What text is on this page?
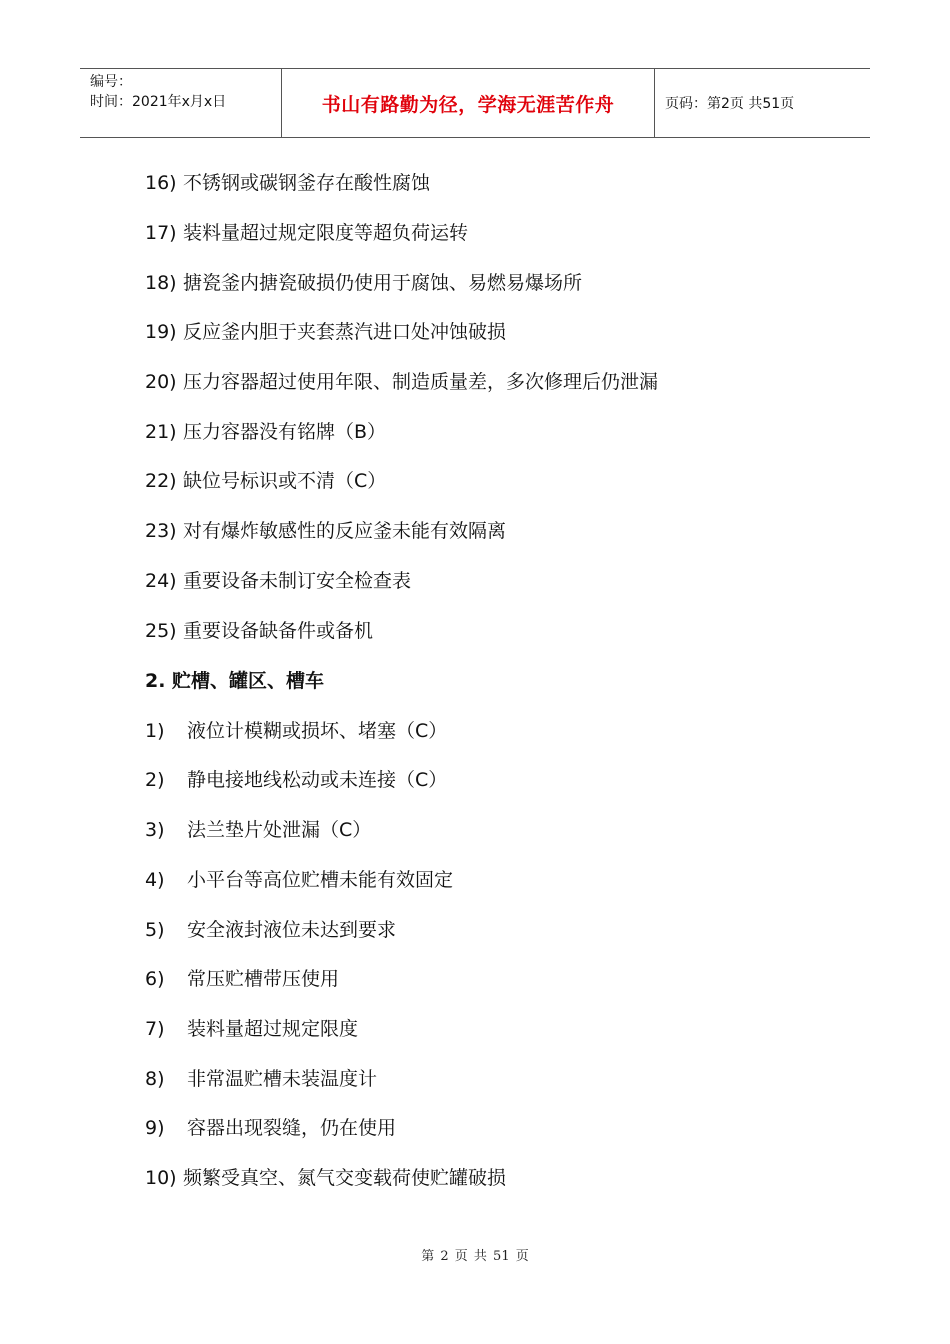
编号：
时间：2021年x月x日	书山有路勤为径，学海无涯苦作舟	页码：第2页 共51页
16) 不锈钢或碳钢釜存在酸性腐蚀
17) 装料量超过规定限度等超负荷运转
18) 搪瓷釜内搪瓷破损仍使用于腐蚀、易燃易爆场所
19) 反应釜内胆于夹套蒸汽进口处冲蚀破损
20) 压力容器超过使用年限、制造质量差，多次修理后仍泄漏
21) 压力容器没有铭牌（B）
22) 缺位号标识或不清（C）
23) 对有爆炸敏感性的反应釜未能有效隔离
24) 重要设备未制订安全检查表
25) 重要设备缺备件或备机
2. 贮槽、罐区、槽车
1) 液位计模糊或损坏、堵塞（C）
2) 静电接地线松动或未连接（C）
3) 法兰垫片处泄漏（C）
4) 小平台等高位贮槽未能有效固定
5) 安全液封液位未达到要求
6) 常压贮槽带压使用
7) 装料量超过规定限度
8) 非常温贮槽未装温度计
9) 容器出现裂缝，仍在使用
10) 频繁受真空、氮气交变载荷使贮罐破损
第 2 页 共 51 页
